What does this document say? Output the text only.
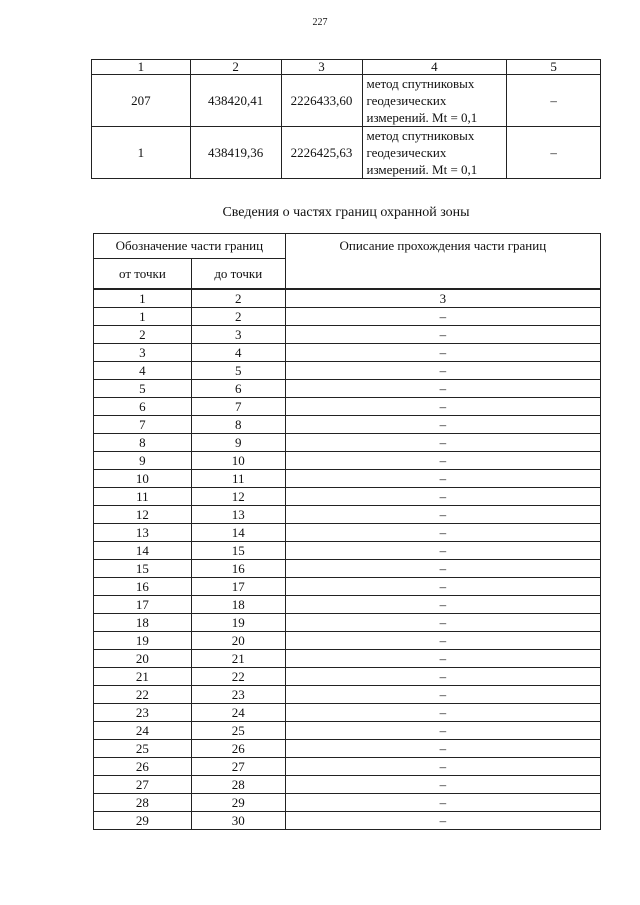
227
1	2	3	4	5
207	438420,41	2226433,60	метод спутниковых геодезических измерений. Mt = 0,1	–
1	438419,36	2226425,63	метод спутниковых геодезических измерений. Mt = 0,1	–
Сведения о частях границ охранной зоны
Обозначение части границ		Описание прохождения части границ
от точки	до точки	
1	2	3
1	2	–
2	3	–
3	4	–
4	5	–
5	6	–
6	7	–
7	8	–
8	9	–
9	10	–
10	11	–
11	12	–
12	13	–
13	14	–
14	15	–
15	16	–
16	17	–
17	18	–
18	19	–
19	20	–
20	21	–
21	22	–
22	23	–
23	24	–
24	25	–
25	26	–
26	27	–
27	28	–
28	29	–
29	30	–
